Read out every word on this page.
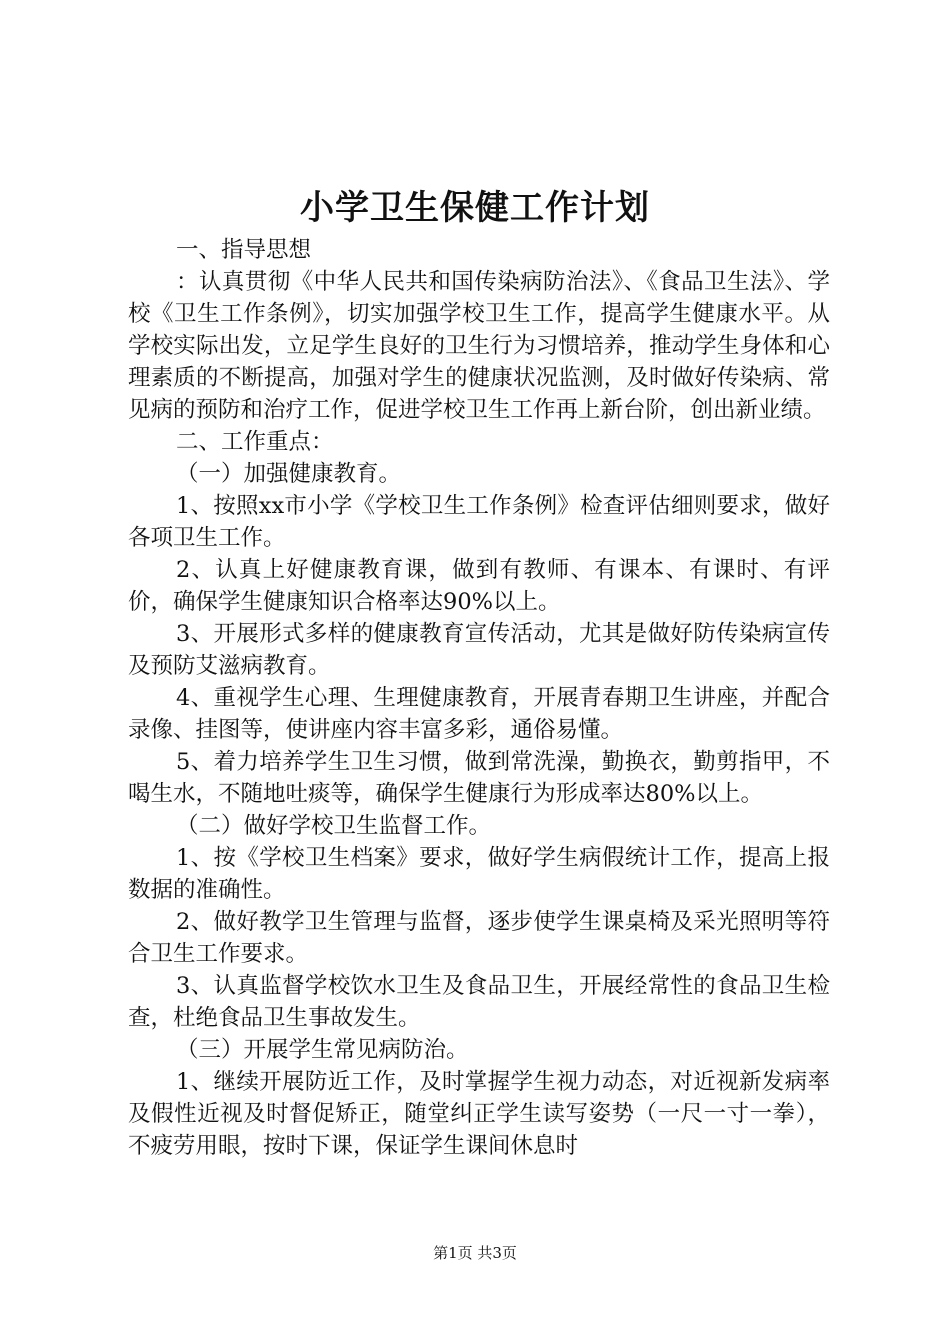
小学卫生保健工作计划

一、指导思想

：认真贯彻《中华人民共和国传染病防治法》、《食品卫生法》、学校《卫生工作条例》，切实加强学校卫生工作，提高学生健康水平。从学校实际出发，立足学生良好的卫生行为习惯培养，推动学生身体和心理素质的不断提高，加强对学生的健康状况监测，及时做好传染病、常见病的预防和治疗工作，促进学校卫生工作再上新台阶，创出新业绩。

二、工作重点：

（一）加强健康教育。

1、按照xx市小学《学校卫生工作条例》检查评估细则要求，做好各项卫生工作。

2、认真上好健康教育课，做到有教师、有课本、有课时、有评价，确保学生健康知识合格率达90%以上。

3、开展形式多样的健康教育宣传活动，尤其是做好防传染病宣传及预防艾滋病教育。

4、重视学生心理、生理健康教育，开展青春期卫生讲座，并配合录像、挂图等，使讲座内容丰富多彩，通俗易懂。

5、着力培养学生卫生习惯，做到常洗澡，勤换衣，勤剪指甲，不喝生水，不随地吐痰等，确保学生健康行为形成率达80%以上。

（二）做好学校卫生监督工作。

1、按《学校卫生档案》要求，做好学生病假统计工作，提高上报数据的准确性。

2、做好教学卫生管理与监督，逐步使学生课桌椅及采光照明等符合卫生工作要求。

3、认真监督学校饮水卫生及食品卫生，开展经常性的食品卫生检查，杜绝食品卫生事故发生。

（三）开展学生常见病防治。

1、继续开展防近工作，及时掌握学生视力动态，对近视新发病率及假性近视及时督促矫正，随堂纠正学生读写姿势（一尺一寸一拳），不疲劳用眼，按时下课，保证学生课间休息时

第1页 共3页
